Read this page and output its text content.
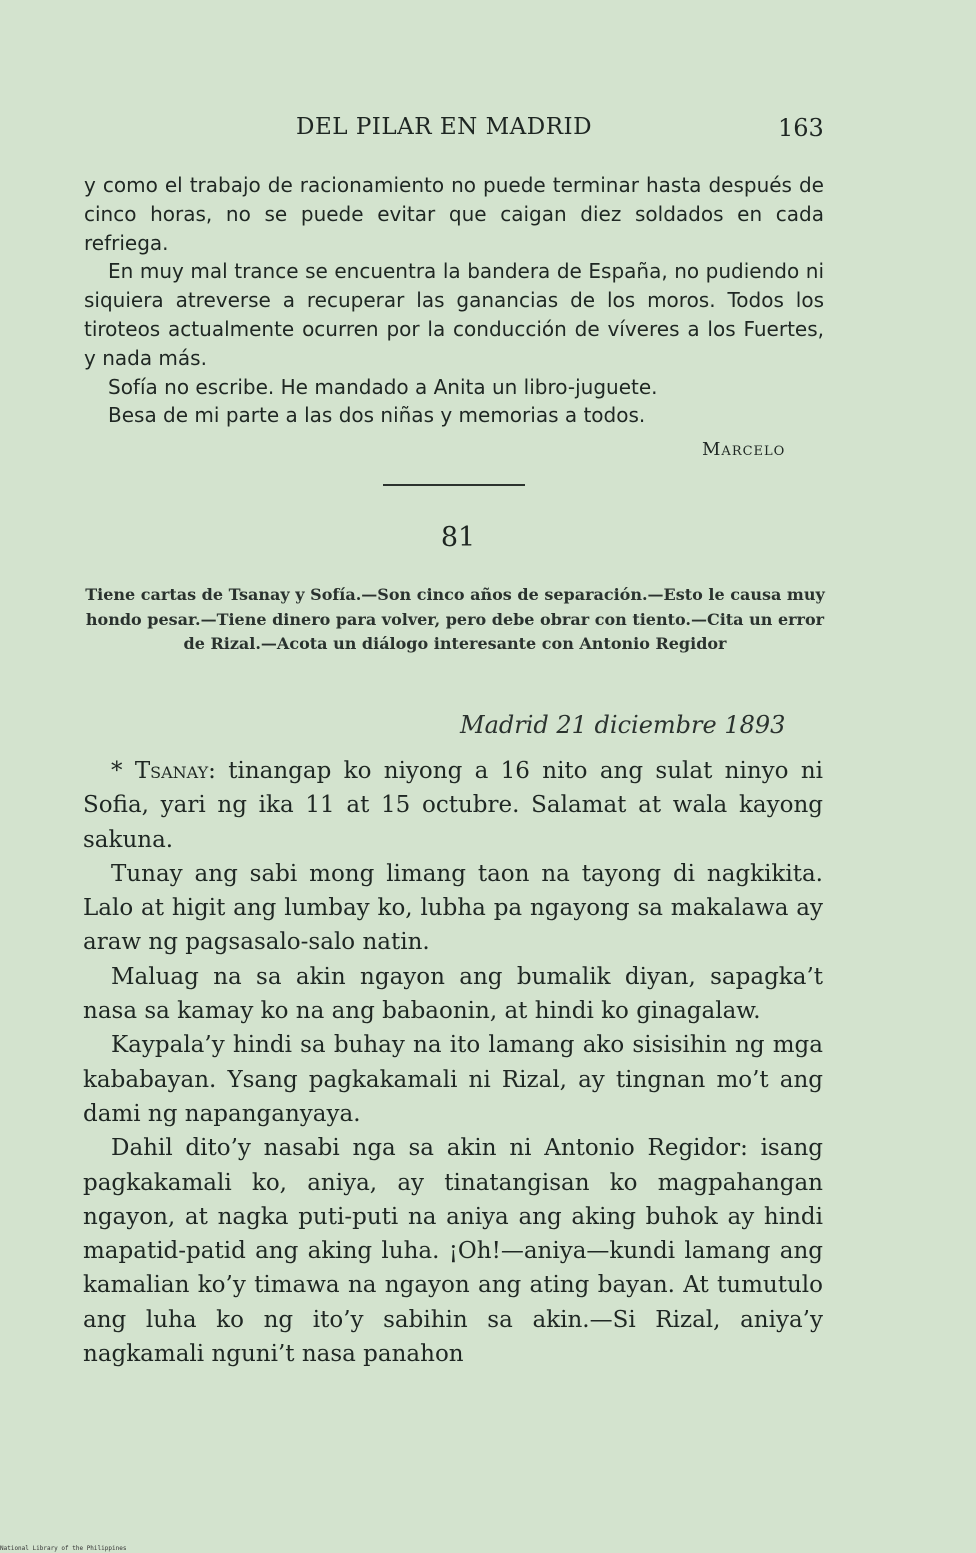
DEL PILAR EN MADRID	163

y como el trabajo de racionamiento no puede terminar hasta después de cinco horas, no se puede evitar que caigan diez soldados en cada refriega.

En muy mal trance se encuentra la bandera de España, no pudiendo ni siquiera atreverse a recuperar las ganancias de los moros. Todos los tiroteos actualmente ocurren por la conducción de víveres a los Fuertes, y nada más.

Sofía no escribe. He mandado a Anita un libro-juguete.

Besa de mi parte a las dos niñas y memorias a todos.

Marcelo
81
Tiene cartas de Tsanay y Sofía.—Son cinco años de separación.—Esto le causa muy hondo pesar.—Tiene dinero para volver, pero debe obrar con tiento.—Cita un error de Rizal.—Acota un diálogo interesante con Antonio Regidor
Madrid 21 diciembre 1893

* Tsanay: tinangap ko niyong a 16 nito ang sulat ninyo ni Sofia, yari ng ika 11 at 15 octubre. Salamat at wala kayong sakuna.

Tunay ang sabi mong limang taon na tayong di nagkikita. Lalo at higit ang lumbay ko, lubha pa ngayong sa makalawa ay araw ng pagsasalo-salo natin.

Maluag na sa akin ngayon ang bumalik diyan, sapagka’t nasa sa kamay ko na ang babaonin, at hindi ko ginagalaw.

Kaypala’y hindi sa buhay na ito lamang ako sisisihin ng mga kababayan. Ysang pagkakamali ni Rizal, ay tingnan mo’t ang dami ng napanganyaya.

Dahil dito’y nasabi nga sa akin ni Antonio Regidor: isang pagkakamali ko, aniya, ay tinatangisan ko magpahangan ngayon, at nagka puti-puti na aniya ang aking buhok ay hindi mapatid-patid ang aking luha. ¡Oh!—aniya—kundi lamang ang kamalian ko’y timawa na ngayon ang ating bayan. At tumutulo ang luha ko ng ito’y sabihin sa akin.—Si Rizal, aniya’y nagkamali nguni’t nasa panahon

National Library of the Philippines
